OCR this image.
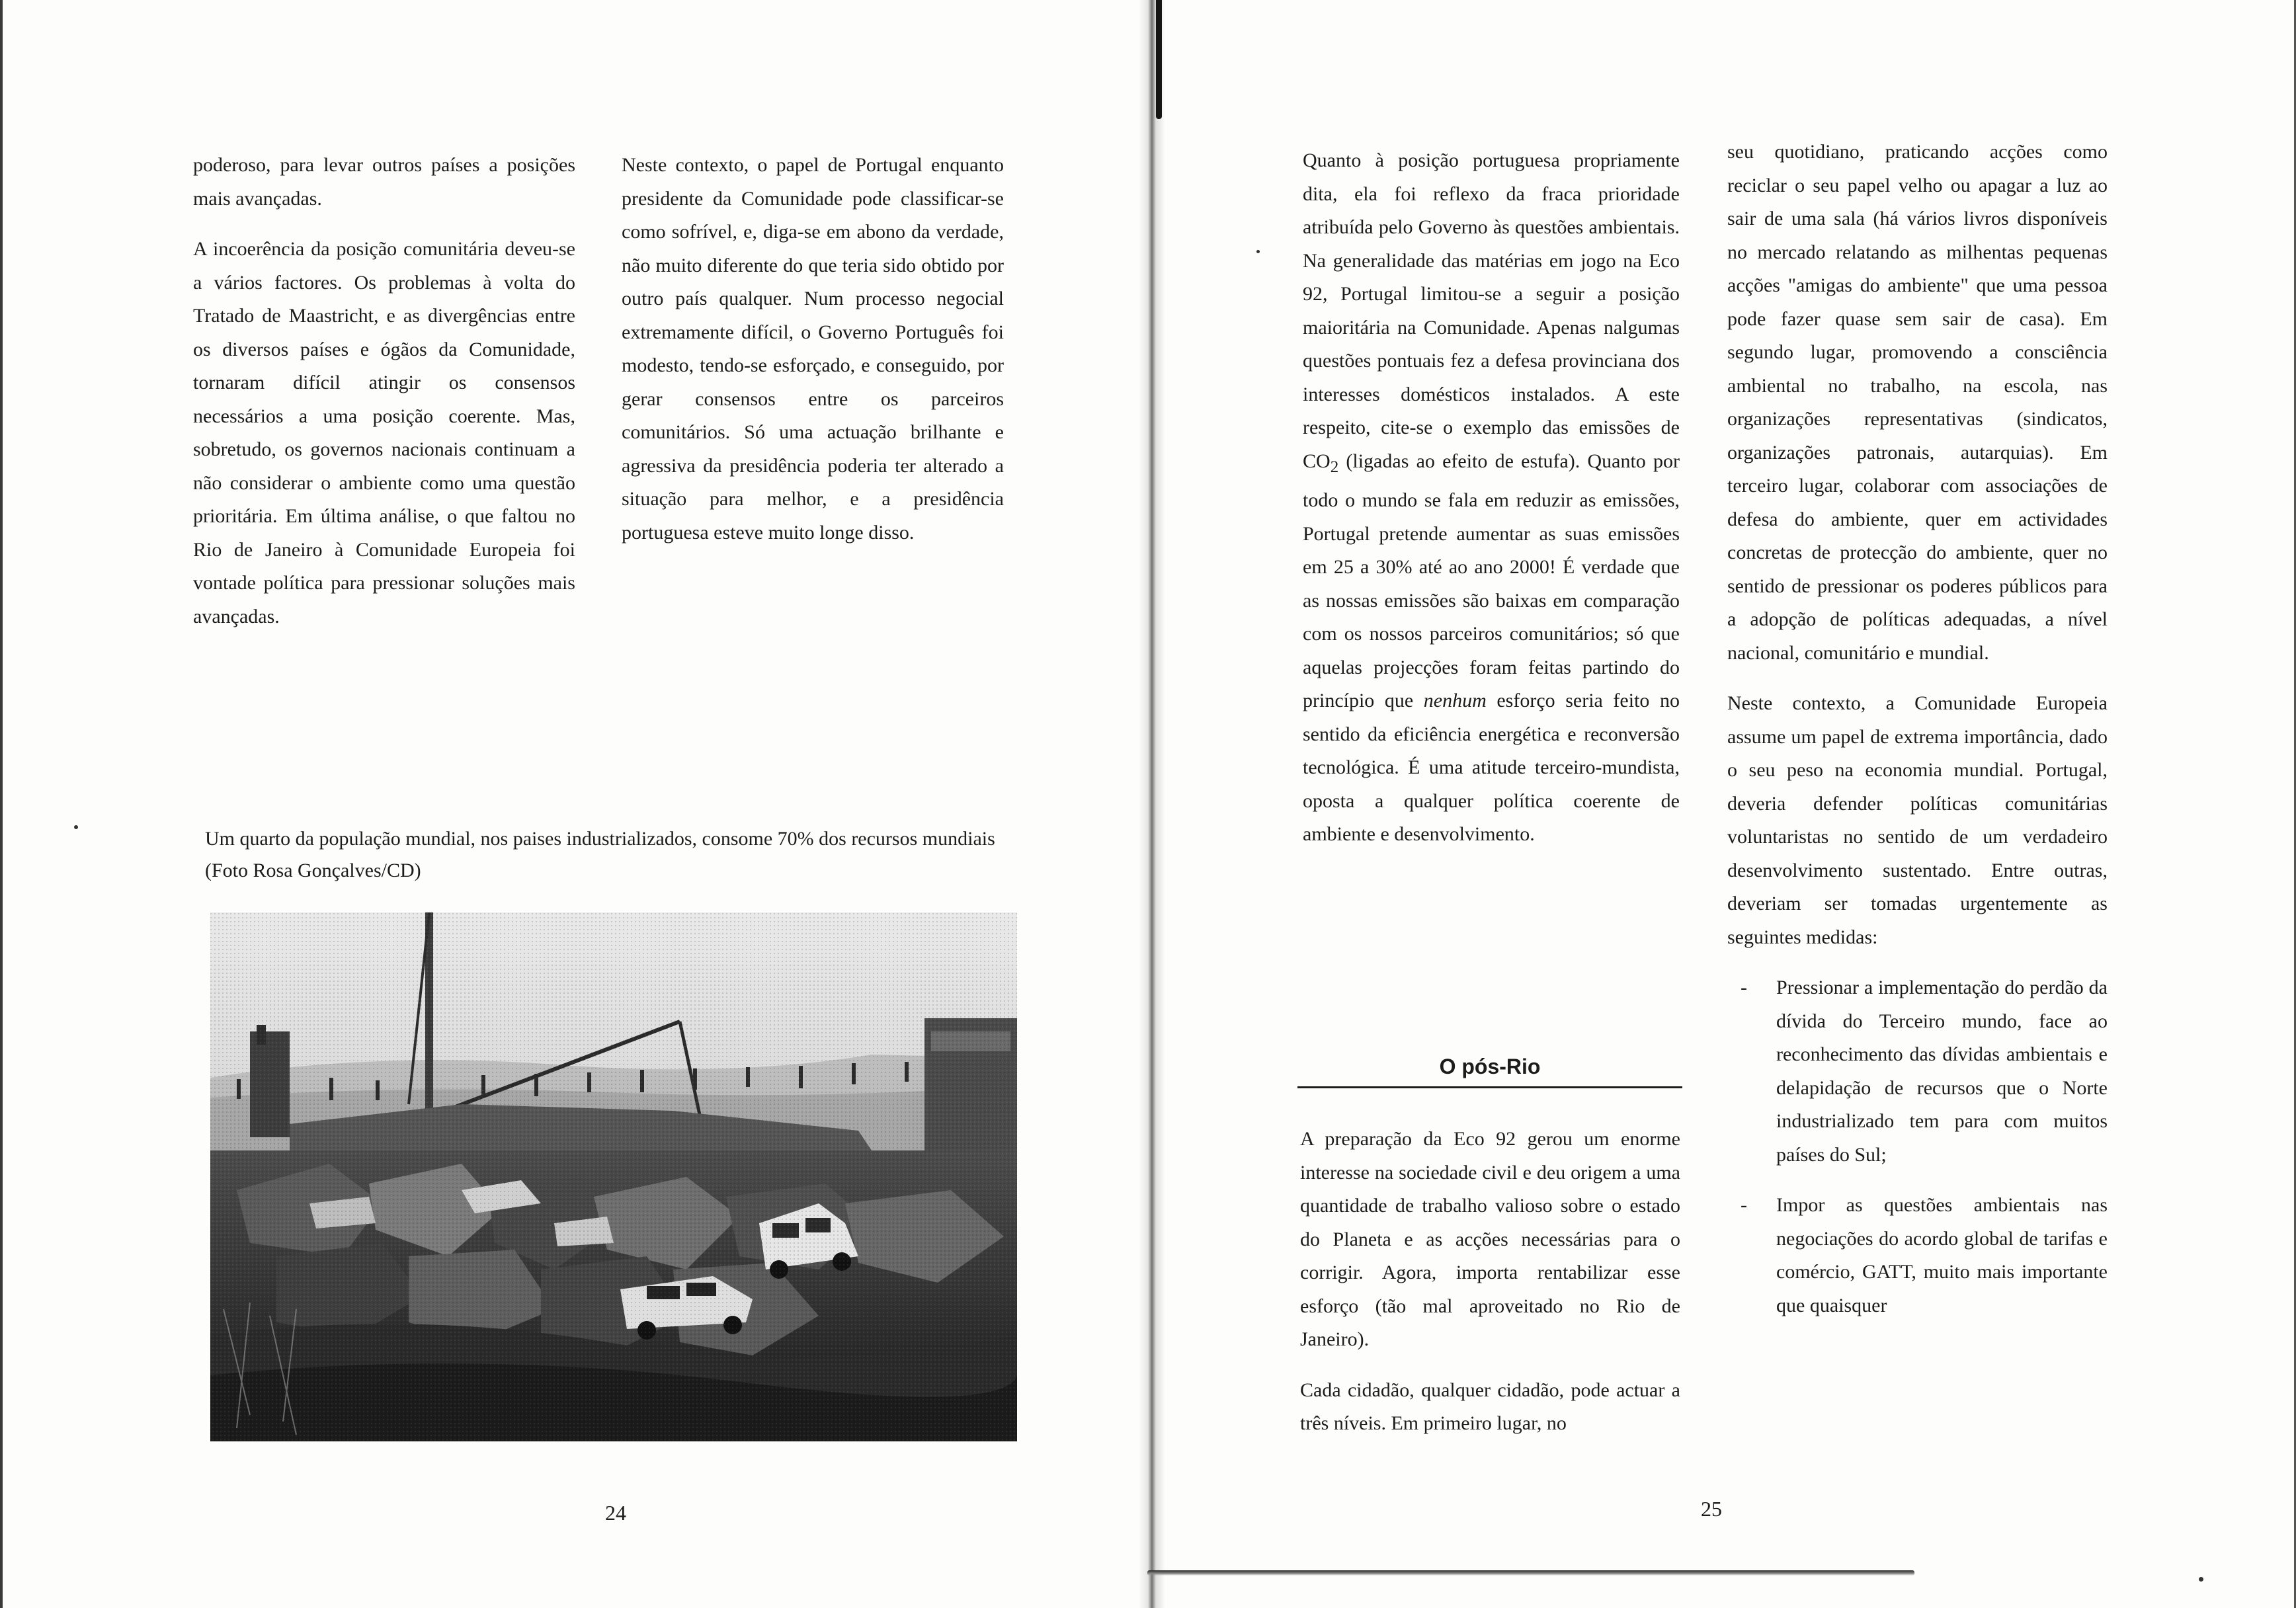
poderoso, para levar outros países a posições mais avançadas.

A incoerência da posição comunitária deveu-se a vários factores. Os problemas à volta do Tratado de Maastricht, e as divergências entre os diversos países e ógãos da Comunidade, tornaram difícil atingir os consensos necessários a uma posição coerente. Mas, sobretudo, os governos nacionais continuam a não considerar o ambiente como uma questão prioritária. Em última análise, o que faltou no Rio de Janeiro à Comunidade Europeia foi vontade política para pressionar soluções mais avançadas.

Neste contexto, o papel de Portugal enquanto presidente da Comunidade pode classificar-se como sofrível, e, diga-se em abono da verdade, não muito diferente do que teria sido obtido por outro país qualquer. Num processo negocial extremamente difícil, o Governo Português foi modesto, tendo-se esforçado, e conseguido, por gerar consensos entre os parceiros comunitários. Só uma actuação brilhante e agressiva da presidência poderia ter alterado a situação para melhor, e a presidência portuguesa esteve muito longe disso.

Um quarto da população mundial, nos paises industrializados, consome 70% dos recursos mundiais (Foto Rosa Gonçalves/CD)
24

Quanto à posição portuguesa propriamente dita, ela foi reflexo da fraca prioridade atribuída pelo Governo às questões ambientais. Na generalidade das matérias em jogo na Eco 92, Portugal limitou-se a seguir a posição maioritária na Comunidade. Apenas nalgumas questões pontuais fez a defesa provinciana dos interesses domésticos instalados. A este respeito, cite-se o exemplo das emissões de $CO_2$ (ligadas ao efeito de estufa). Quanto por todo o mundo se fala em reduzir as emissões, Portugal pretende aumentar as suas emissões em 25 a 30% até ao ano 2000! É verdade que as nossas emissões são baixas em comparação com os nossos parceiros comunitários; só que aquelas projecções foram feitas partindo do princípio que nenhum esforço seria feito no sentido da eficiência energética e reconversão tecnológica. É uma atitude terceiro-mundista, oposta a qualquer política coerente de ambiente e desenvolvimento.

O pós-Rio

A preparação da Eco 92 gerou um enorme interesse na sociedade civil e deu origem a uma quantidade de trabalho valioso sobre o estado do Planeta e as acções necessárias para o corrigir. Agora, importa rentabilizar esse esforço (tão mal aproveitado no Rio de Janeiro).

Cada cidadão, qualquer cidadão, pode actuar a três níveis. Em primeiro lugar, no

seu quotidiano, praticando acções como reciclar o seu papel velho ou apagar a luz ao sair de uma sala (há vários livros disponíveis no mercado relatando as milhentas pequenas acções "amigas do ambiente" que uma pessoa pode fazer quase sem sair de casa). Em segundo lugar, promovendo a consciência ambiental no trabalho, na escola, nas organizações representativas (sindicatos, organizações patronais, autarquias). Em terceiro lugar, colaborar com associações de defesa do ambiente, quer em actividades concretas de protecção do ambiente, quer no sentido de pressionar os poderes públicos para a adopção de políticas adequadas, a nível nacional, comunitário e mundial.

Neste contexto, a Comunidade Europeia assume um papel de extrema importância, dado o seu peso na economia mundial. Portugal, deveria defender políticas comunitárias voluntaristas no sentido de um verdadeiro desenvolvimento sustentado. Entre outras, deveriam ser tomadas urgentemente as seguintes medidas:

- Pressionar a implementação do perdão da dívida do Terceiro mundo, face ao reconhecimento das dívidas ambientais e delapidação de recursos que o Norte industrializado tem para com muitos países do Sul;
- Impor as questões ambientais nas negociações do acordo global de tarifas e comércio, GATT, muito mais importante que quaisquer
25
